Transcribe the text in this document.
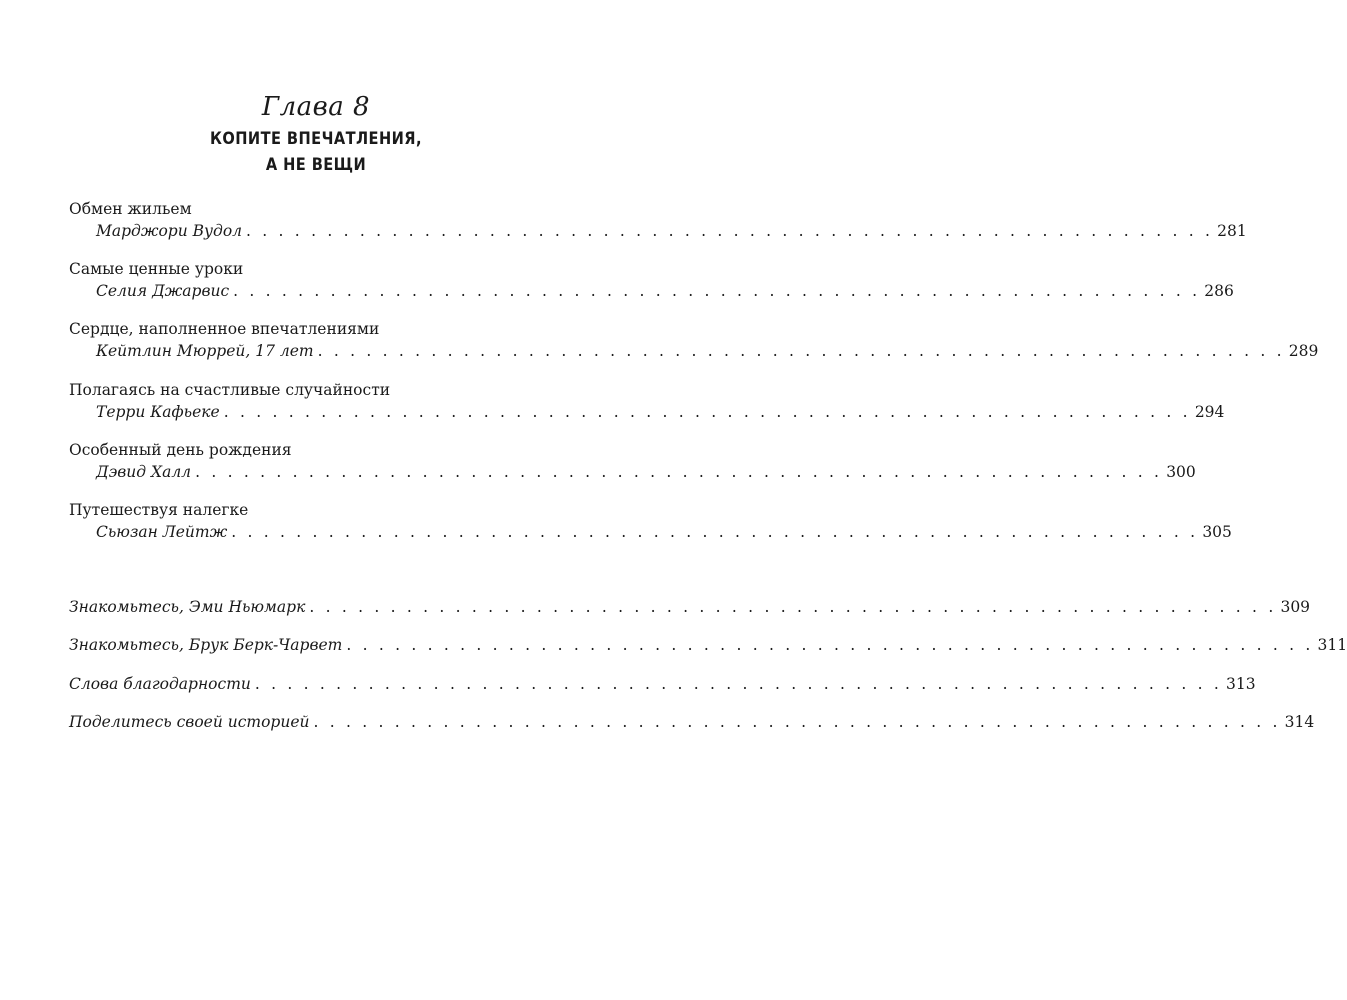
Глава 8
КОПИТЕ ВПЕЧАТЛЕНИЯ,
А НЕ ВЕЩИ
Обмен жильем
Марджори Вудол . . . . . . . . . . . . . . . . . . . . . . . . . . . . . . . . . . . . . . . . . . . . . . . . . . . . . . . . . . . . 281
Самые ценные уроки
Селия Джарвис . . . . . . . . . . . . . . . . . . . . . . . . . . . . . . . . . . . . . . . . . . . . . . . . . . . . . . . . . . . . 286
Сердце, наполненное впечатлениями
Кейтлин Мюррей, 17 лет . . . . . . . . . . . . . . . . . . . . . . . . . . . . . . . . . . . . . . . . . . . . . . . . . . . . . . . . . . . . 289
Полагаясь на счастливые случайности
Терри Кафьеке . . . . . . . . . . . . . . . . . . . . . . . . . . . . . . . . . . . . . . . . . . . . . . . . . . . . . . . . . . . . 294
Особенный день рождения
Дэвид Халл . . . . . . . . . . . . . . . . . . . . . . . . . . . . . . . . . . . . . . . . . . . . . . . . . . . . . . . . . . . . 300
Путешествуя налегке
Сьюзан Лейтж . . . . . . . . . . . . . . . . . . . . . . . . . . . . . . . . . . . . . . . . . . . . . . . . . . . . . . . . . . . . 305
Знакомьтесь, Эми Ньюмарк . . . . . . . . . . . . . . . . . . . . . . . . . . . . . . . . . . . . . . . . . . . . . . . . . . . . . . . . . . . . 309
Знакомьтесь, Брук Берк-Чарвет . . . . . . . . . . . . . . . . . . . . . . . . . . . . . . . . . . . . . . . . . . . . . . . . . . . . . . . . . . . . 311
Слова благодарности . . . . . . . . . . . . . . . . . . . . . . . . . . . . . . . . . . . . . . . . . . . . . . . . . . . . . . . . . . . . 313
Поделитесь своей историей . . . . . . . . . . . . . . . . . . . . . . . . . . . . . . . . . . . . . . . . . . . . . . . . . . . . . . . . . . . . 314
